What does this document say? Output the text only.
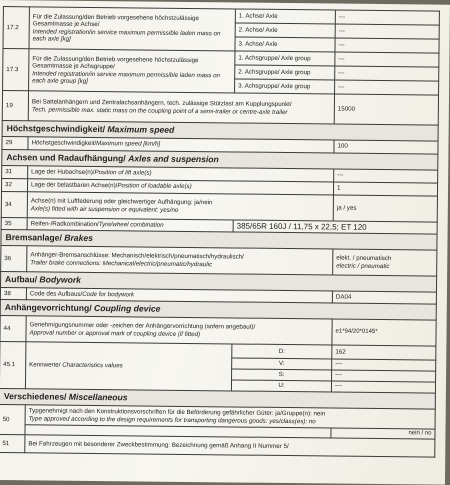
17.2	Für die Zulassung/den Betrieb vorgesehene höchstzulässige Gesamtmasse je Achse/
Intended registration/in service maximum permissible laden mass on each axle [kg]	1. Achse/ Axle	---
		2. Achse/ Axle	---
		3. Achse/ Axle	---
17.3	Für die Zulassung/den Betrieb vorgesehene höchstzulässige Gesamtmasse je Achsgruppe/
Intended registration/in service maximum permissible laden mass on each axle group [kg]	1. Achsgruppe/ Axle group	---
		2. Achsgruppe/ Axle group	---
		3. Achsgruppe/ Axle group	---
19	Bei Sattelanhängern und Zentralachsanhängern, tech. zulässige Stützlast am Kupplungspunkt/
Tech. permissible max. static mass on the coupling point of a semi-trailer or centre-axle trailer		15000
Höchstgeschwindigkeit/ Maximum speed			
29	Höchstgeschwindigkeit/Maximum speed [km/h]		100
Achsen und Radaufhängung/ Axles and suspension			
31	Lage der Hubachse(n)/Position of lift axle(s)		---
32	Lage der belastbaren Achse(n)/Position of loadable axle(s)		1
34	Achse(n) mit Luftfederung oder gleichwertiger Aufhängung: ja/nein
Axle(s) fitted with air suspension or equivalent: yes/no		ja / yes
35	Reifen-/Radkombination/Tyre/wheel combination	385/65R 160J / 11,75 x 22,5; ET 120	
Bremsanlage/ Brakes			
36	Anhänger-Bremsanschlüsse: Mechanisch/elektrisch/pneumatisch/hydraulisch/
Trailer brake connections: Mechanical/electric/pneumatic/hydraulic		elekt. / pneumatisch
electric / pneumatic
Aufbau/ Bodywork			
38	Code des Aufbaus/Code for bodywork		DA04
Anhängevorrichtung/ Coupling device			
44	Genehmigungsnummer oder -zeichen der Anhängervorrichtung (sofern angebaut)/
Approval number or approval mark of coupling device (if fitted)		e1*94/20*0145*
45.1	Kennwerte/ Characteristics values	D:	162
		V:	---
		S:	---
		U:	---
Verschiedenes/ Miscellaneous			
50	Typgenehmigt nach den Konstruktionsvorschriften für die Beförderung gefährlicher Güter: ja/Gruppe(n): nein
Type approved according to the design requirements for transporting dangerous goods: yes/class(es): no		
			nein / no
51	Bei Fahrzeugen mit besonderer Zweckbestimmung: Bezeichnung gemäß Anhang II Nummer 5/		
